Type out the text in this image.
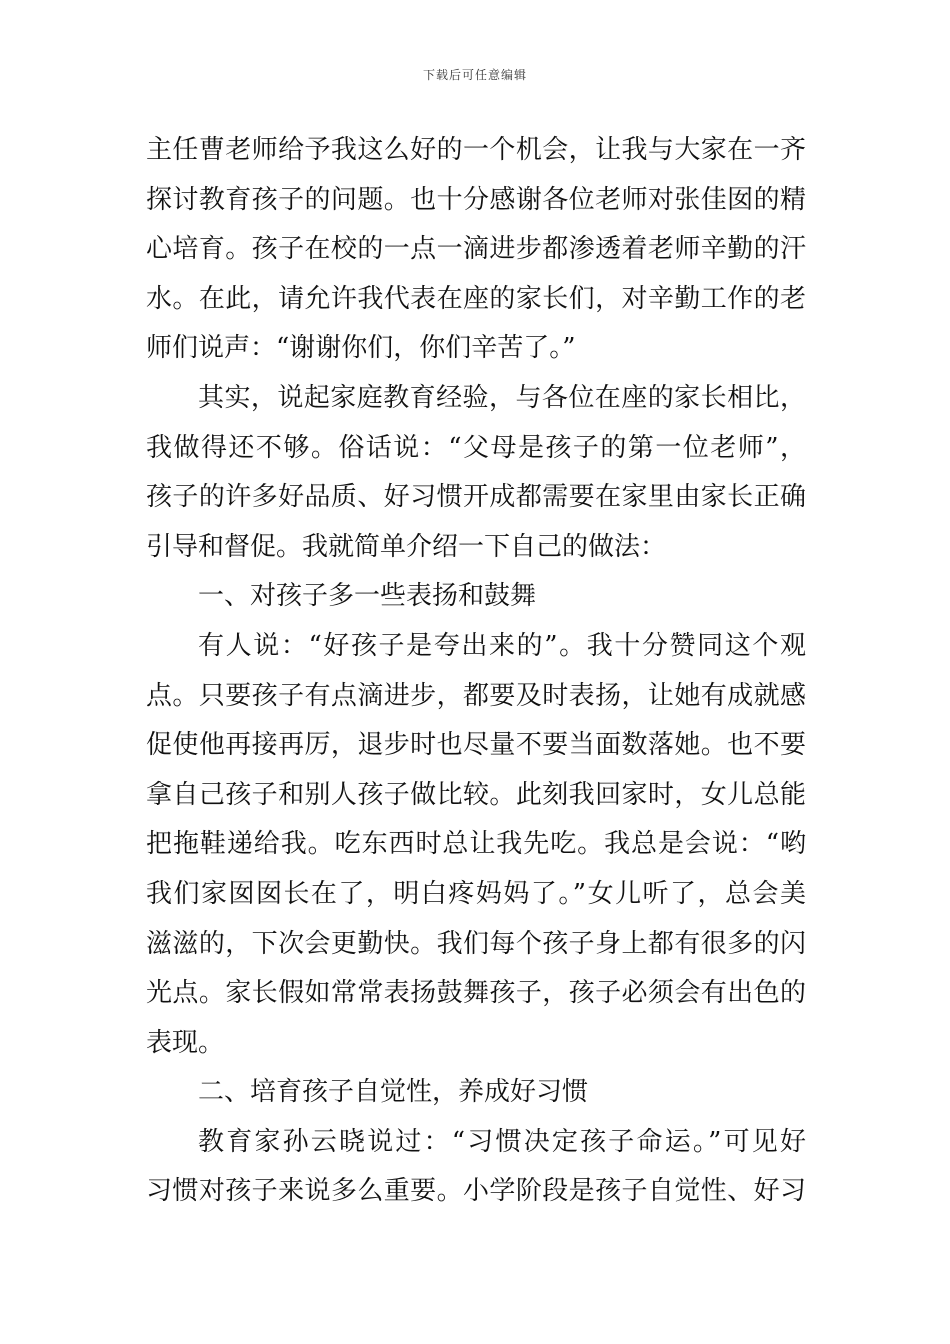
下载后可任意编辑
主任曹老师给予我这么好的一个机会，让我与大家在一齐
探讨教育孩子的问题。也十分感谢各位老师对张佳囡的精
心培育。孩子在校的一点一滴进步都渗透着老师辛勤的汗
水。在此，请允许我代表在座的家长们，对辛勤工作的老
师们说声：“谢谢你们，你们辛苦了。”
其实，说起家庭教育经验，与各位在座的家长相比，
我做得还不够。俗话说：“父母是孩子的第一位老师”，
孩子的许多好品质、好习惯开成都需要在家里由家长正确
引导和督促。我就简单介绍一下自己的做法：
一、对孩子多一些表扬和鼓舞
有人说：“好孩子是夸出来的”。我十分赞同这个观
点。只要孩子有点滴进步，都要及时表扬，让她有成就感
促使他再接再厉，退步时也尽量不要当面数落她。也不要
拿自己孩子和别人孩子做比较。此刻我回家时，女儿总能
把拖鞋递给我。吃东西时总让我先吃。我总是会说：“哟
我们家囡囡长在了，明白疼妈妈了。”女儿听了，总会美
滋滋的，下次会更勤快。我们每个孩子身上都有很多的闪
光点。家长假如常常表扬鼓舞孩子，孩子必须会有出色的
表现。
二、培育孩子自觉性，养成好习惯
教育家孙云晓说过：“习惯决定孩子命运。”可见好
习惯对孩子来说多么重要。小学阶段是孩子自觉性、好习
